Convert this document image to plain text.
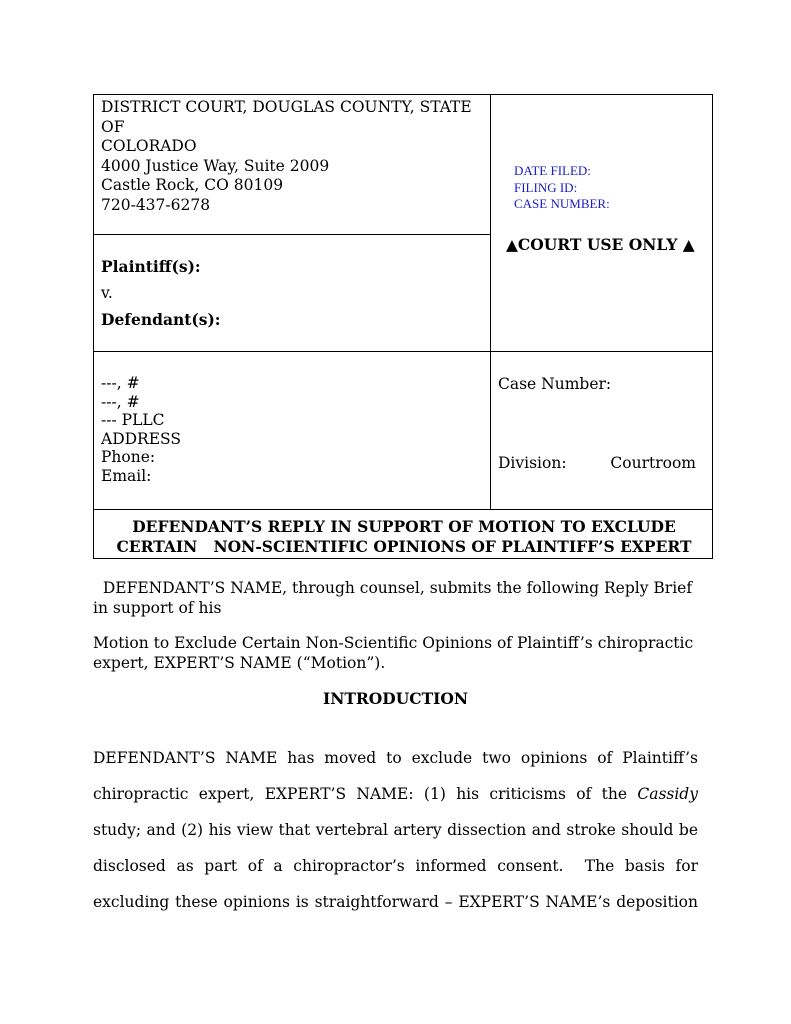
DISTRICT COURT, DOUGLAS COUNTY, STATE
OF
COLORADO
4000 Justice Way, Suite 2009
Castle Rock, CO 80109
720-437-6278
DATE FILED:
FILING ID:
CASE NUMBER:
▲COURT USE ONLY ▲
Plaintiff(s):
v.
Defendant(s):
---, #
---, #
--- PLLC
ADDRESS
Phone:
Email:
Case Number:
Division:	Courtroom
DEFENDANT’S REPLY IN SUPPORT OF MOTION TO EXCLUDE
CERTAIN   NON-SCIENTIFIC OPINIONS OF PLAINTIFF’S EXPERT
DEFENDANT’S NAME, through counsel, submits the following Reply Brief
in support of his
Motion to Exclude Certain Non-Scientific Opinions of Plaintiff’s chiropractic
expert, EXPERT’S NAME (“Motion”).
INTRODUCTION
DEFENDANT’S NAME has moved to exclude two opinions of Plaintiff’s
chiropractic expert, EXPERT’S NAME: (1) his criticisms of the Cassidy
study; and (2) his view that vertebral artery dissection and stroke should be
disclosed as part of a chiropractor’s informed consent.  The basis for
excluding these opinions is straightforward – EXPERT’S NAME’s deposition
